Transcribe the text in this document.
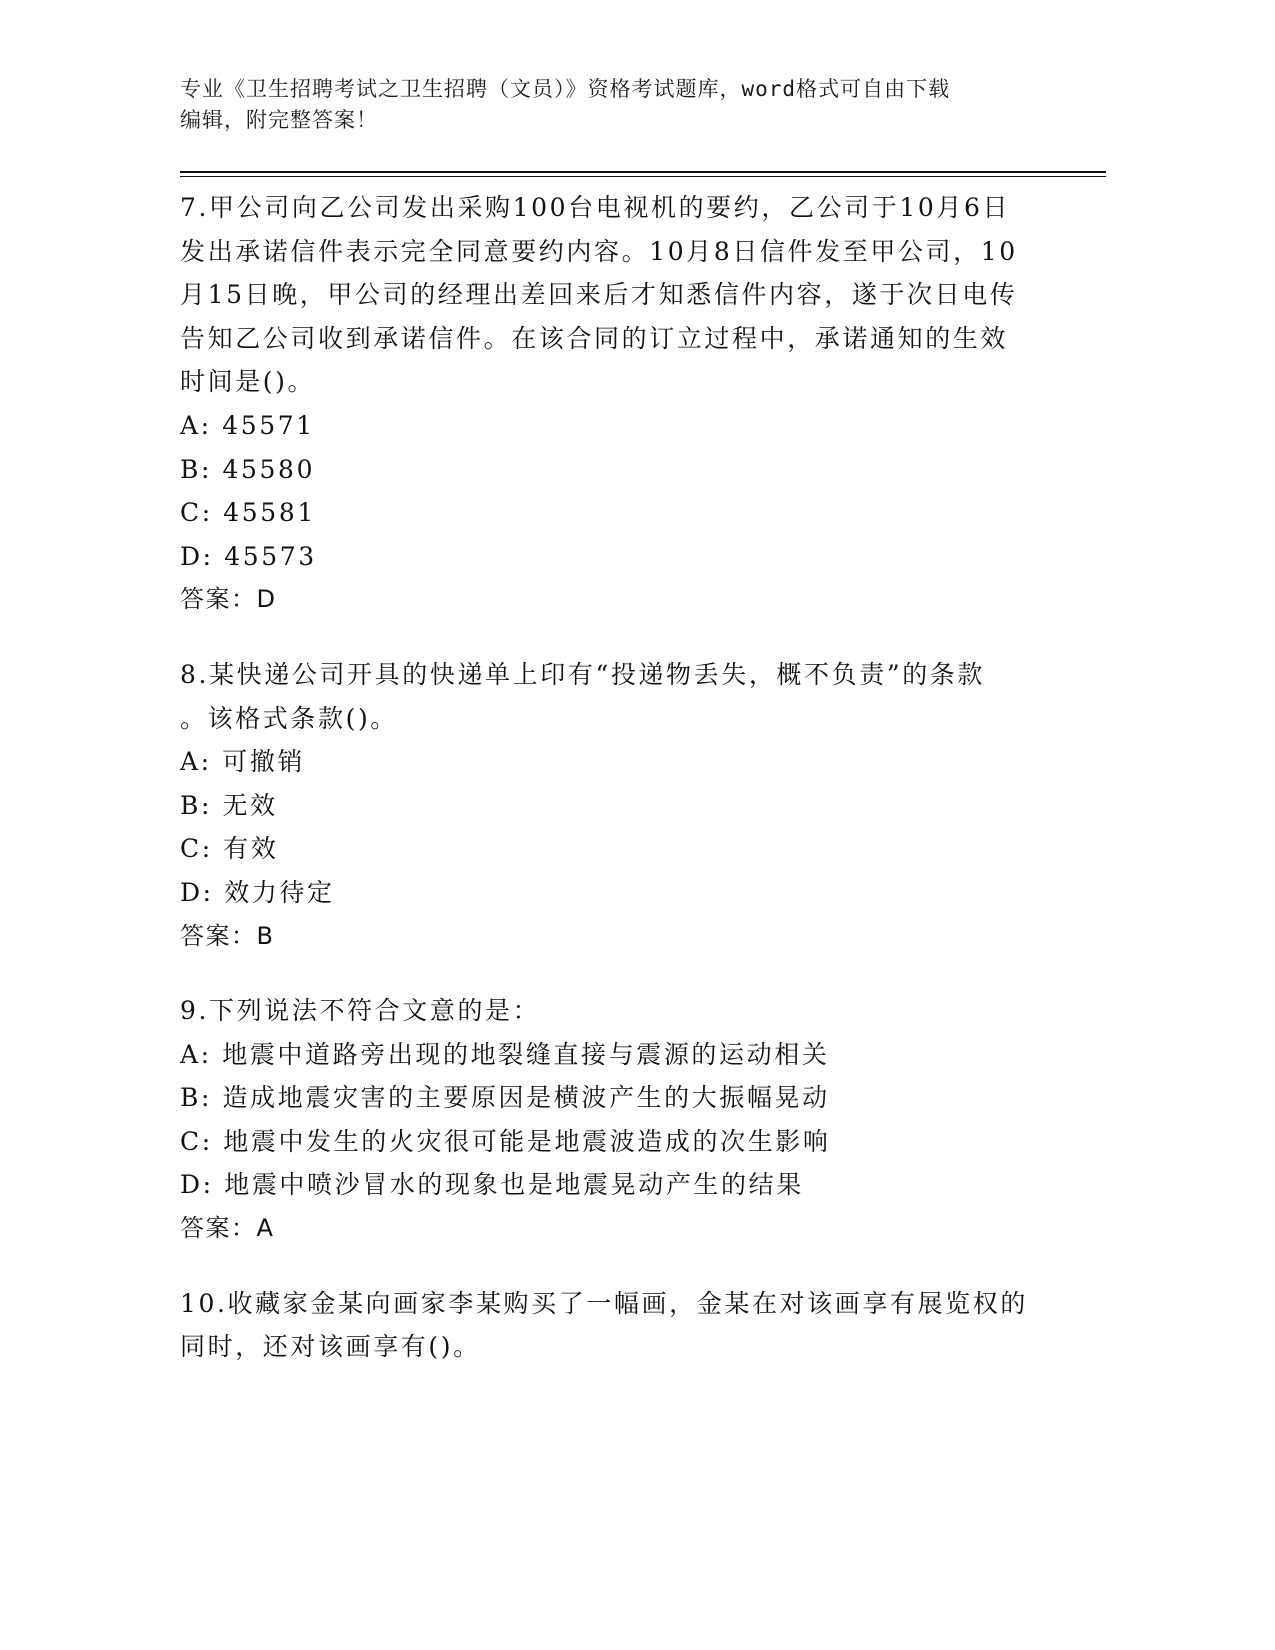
专业《卫生招聘考试之卫生招聘（文员）》资格考试题库，word格式可自由下载
编辑，附完整答案！
7.甲公司向乙公司发出采购100台电视机的要约，乙公司于10月6日
发出承诺信件表示完全同意要约内容。10月8日信件发至甲公司，10
月15日晚，甲公司的经理出差回来后才知悉信件内容，遂于次日电传
告知乙公司收到承诺信件。在该合同的订立过程中，承诺通知的生效
时间是()。
A: 45571
B: 45580
C: 45581
D: 45573
答案：D
8.某快递公司开具的快递单上印有“投递物丢失，概不负责”的条款
。该格式条款()。
A: 可撤销
B: 无效
C: 有效
D: 效力待定
答案：B
9.下列说法不符合文意的是：
A: 地震中道路旁出现的地裂缝直接与震源的运动相关
B: 造成地震灾害的主要原因是横波产生的大振幅晃动
C: 地震中发生的火灾很可能是地震波造成的次生影响
D: 地震中喷沙冒水的现象也是地震晃动产生的结果
答案：A
10.收藏家金某向画家李某购买了一幅画，金某在对该画享有展览权的
同时，还对该画享有()。
